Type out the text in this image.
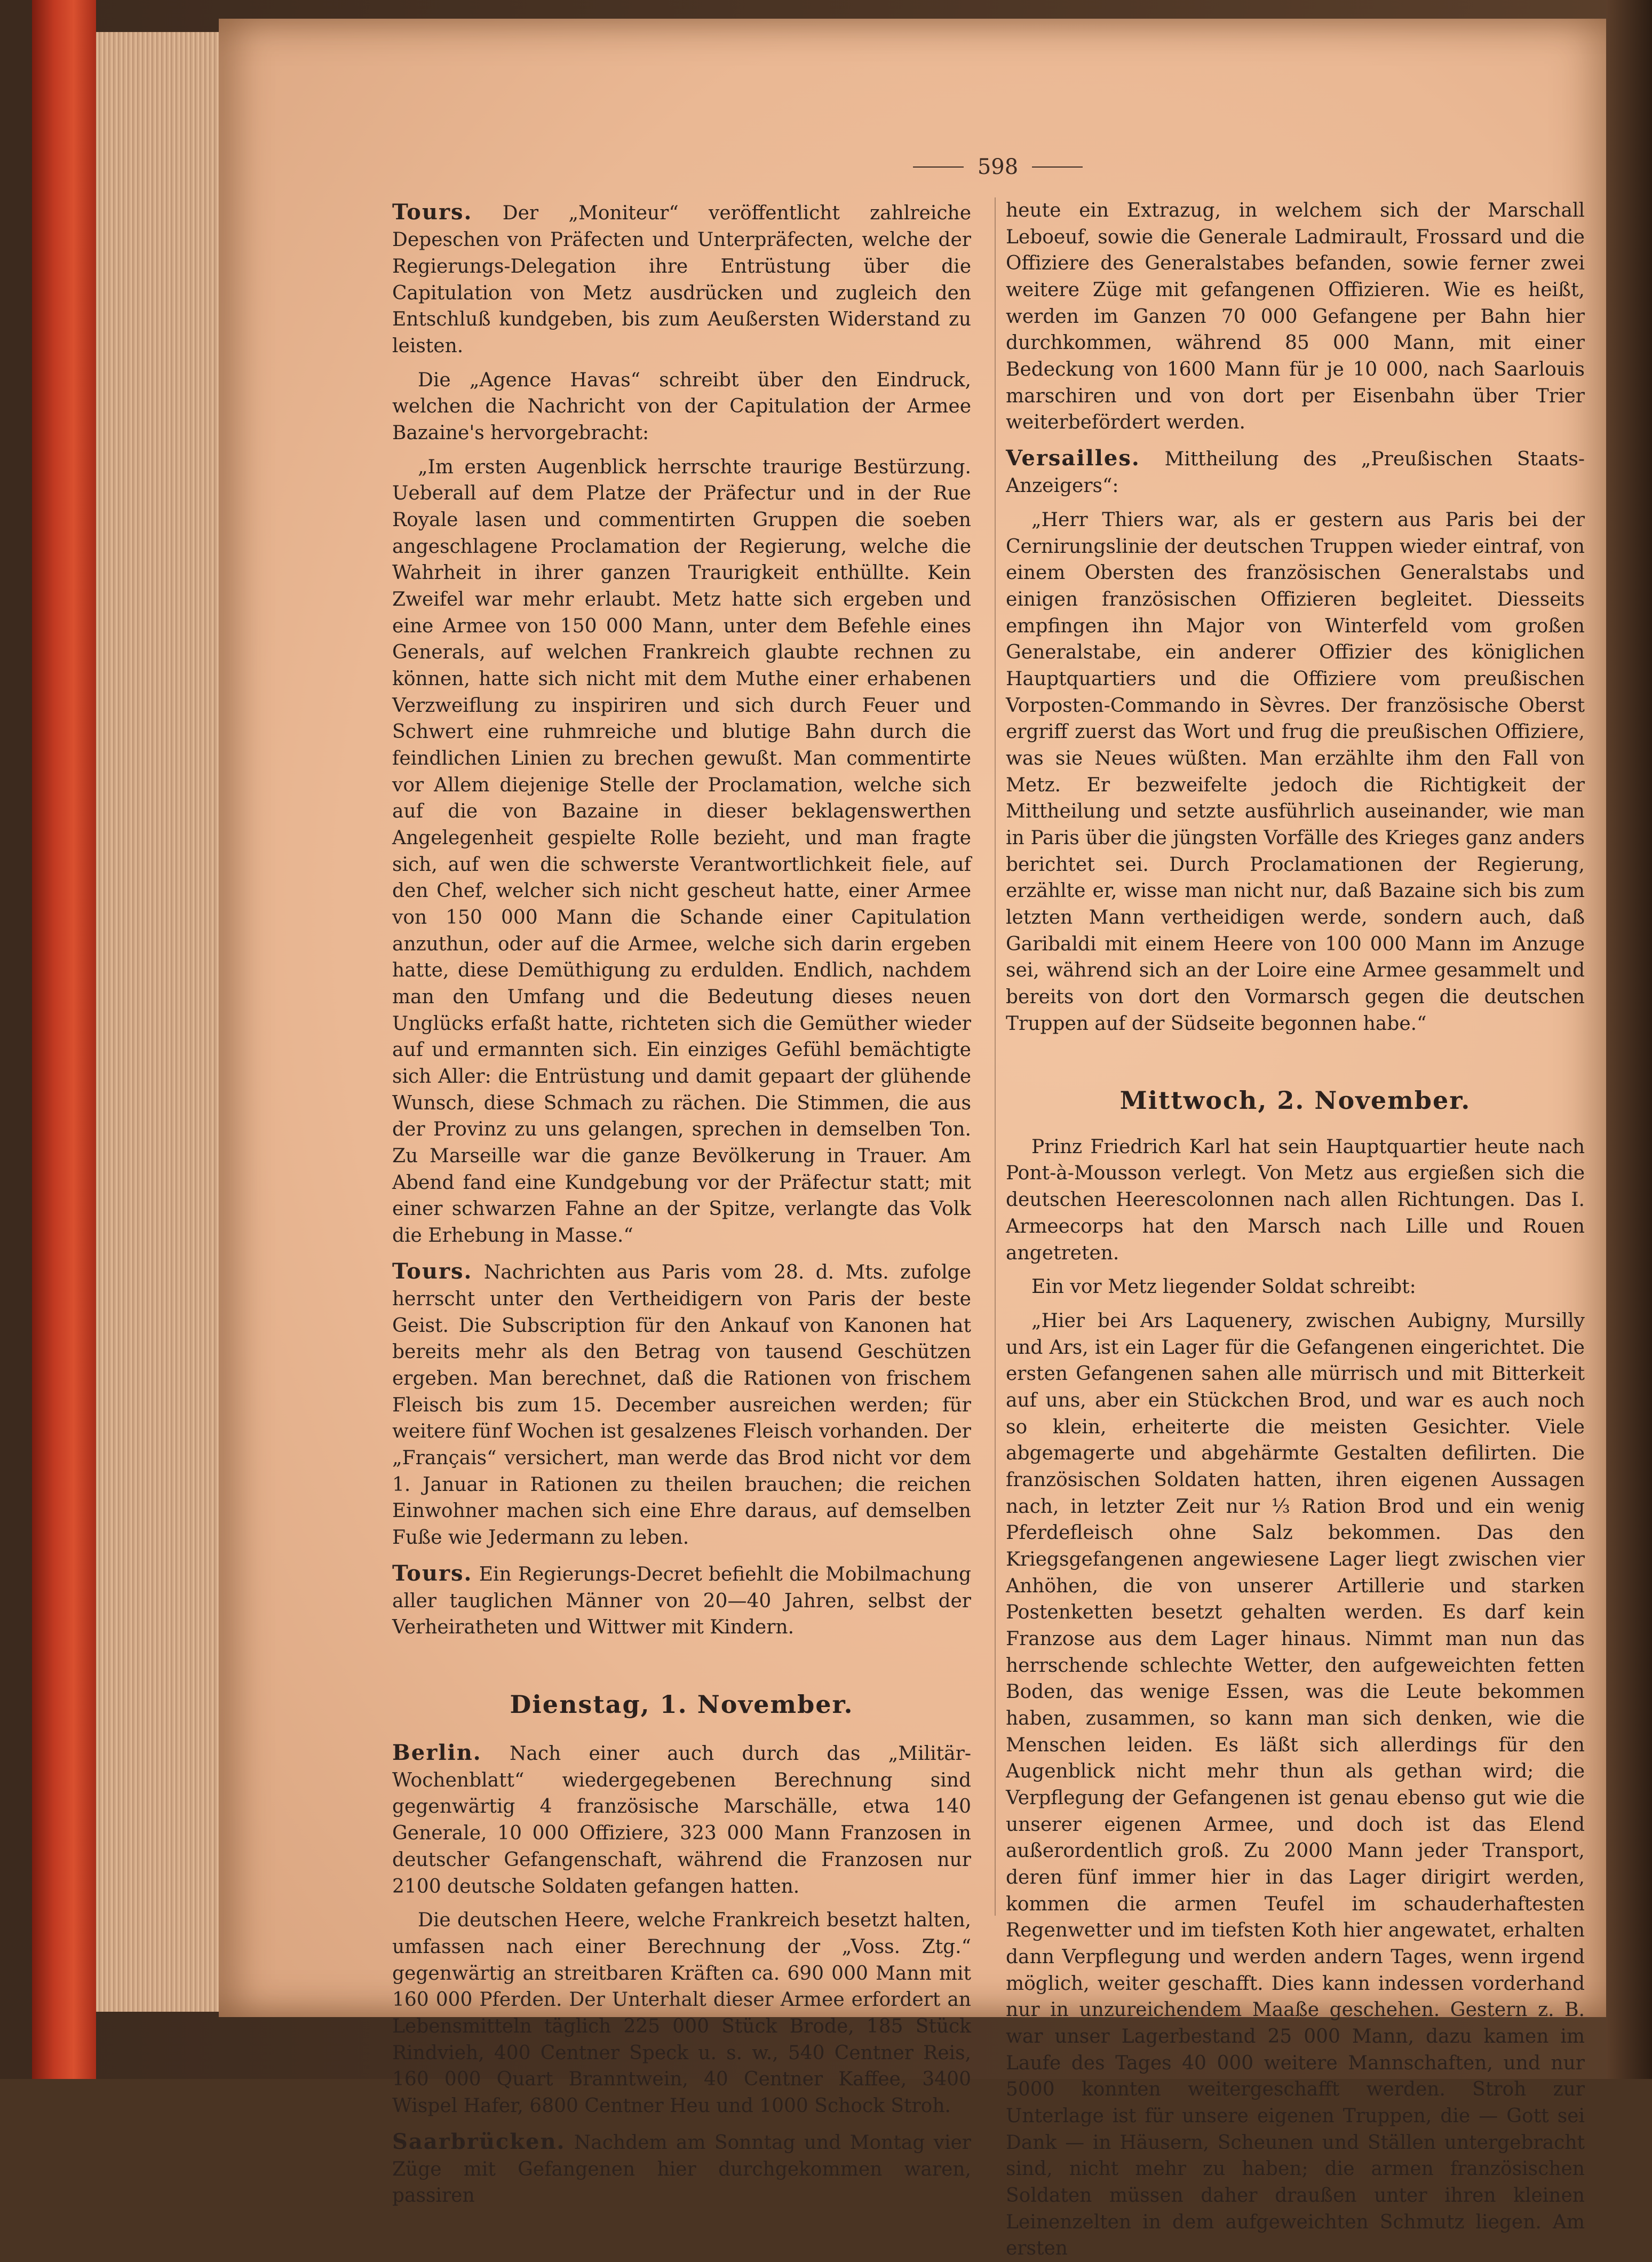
598

Tours. Der „Moniteur“ veröffentlicht zahlreiche Depeschen von Präfecten und Unterpräfecten, welche der Regierungs-Delegation ihre Entrüstung über die Capitulation von Metz ausdrücken und zugleich den Entschluß kundgeben, bis zum Aeußersten Widerstand zu leisten.

Die „Agence Havas“ schreibt über den Eindruck, welchen die Nachricht von der Capitulation der Armee Bazaine's hervorgebracht:

„Im ersten Augenblick herrschte traurige Bestürzung. Ueberall auf dem Platze der Präfectur und in der Rue Royale lasen und commentirten Gruppen die soeben angeschlagene Proclamation der Regierung, welche die Wahrheit in ihrer ganzen Traurigkeit enthüllte. Kein Zweifel war mehr erlaubt. Metz hatte sich ergeben und eine Armee von 150 000 Mann, unter dem Befehle eines Generals, auf welchen Frankreich glaubte rechnen zu können, hatte sich nicht mit dem Muthe einer erhabenen Verzweiflung zu inspiriren und sich durch Feuer und Schwert eine ruhmreiche und blutige Bahn durch die feindlichen Linien zu brechen gewußt. Man commentirte vor Allem diejenige Stelle der Proclamation, welche sich auf die von Bazaine in dieser beklagenswerthen Angelegenheit gespielte Rolle bezieht, und man fragte sich, auf wen die schwerste Verantwortlichkeit fiele, auf den Chef, welcher sich nicht gescheut hatte, einer Armee von 150 000 Mann die Schande einer Capitulation anzuthun, oder auf die Armee, welche sich darin ergeben hatte, diese Demüthigung zu erdulden. Endlich, nachdem man den Umfang und die Bedeutung dieses neuen Unglücks erfaßt hatte, richteten sich die Gemüther wieder auf und ermannten sich. Ein einziges Gefühl bemächtigte sich Aller: die Entrüstung und damit gepaart der glühende Wunsch, diese Schmach zu rächen. Die Stimmen, die aus der Provinz zu uns gelangen, sprechen in demselben Ton. Zu Marseille war die ganze Bevölkerung in Trauer. Am Abend fand eine Kundgebung vor der Präfectur statt; mit einer schwarzen Fahne an der Spitze, verlangte das Volk die Erhebung in Masse.“

Tours. Nachrichten aus Paris vom 28. d. Mts. zufolge herrscht unter den Vertheidigern von Paris der beste Geist. Die Subscription für den Ankauf von Kanonen hat bereits mehr als den Betrag von tausend Geschützen ergeben. Man berechnet, daß die Rationen von frischem Fleisch bis zum 15. December ausreichen werden; für weitere fünf Wochen ist gesalzenes Fleisch vorhanden. Der „Français“ versichert, man werde das Brod nicht vor dem 1. Januar in Rationen zu theilen brauchen; die reichen Einwohner machen sich eine Ehre daraus, auf demselben Fuße wie Jedermann zu leben.

Tours. Ein Regierungs-Decret befiehlt die Mobilmachung aller tauglichen Männer von 20—40 Jahren, selbst der Verheiratheten und Wittwer mit Kindern.

Dienstag, 1. November.

Berlin. Nach einer auch durch das „Militär-Wochenblatt“ wiedergegebenen Berechnung sind gegenwärtig 4 französische Marschälle, etwa 140 Generale, 10 000 Offiziere, 323 000 Mann Franzosen in deutscher Gefangenschaft, während die Franzosen nur 2100 deutsche Soldaten gefangen hatten.

Die deutschen Heere, welche Frankreich besetzt halten, umfassen nach einer Berechnung der „Voss. Ztg.“ gegenwärtig an streitbaren Kräften ca. 690 000 Mann mit 160 000 Pferden. Der Unterhalt dieser Armee erfordert an Lebensmitteln täglich 225 000 Stück Brode, 185 Stück Rindvieh, 400 Centner Speck u. s. w., 540 Centner Reis, 160 000 Quart Branntwein, 40 Centner Kaffee, 3400 Wispel Hafer, 6800 Centner Heu und 1000 Schock Stroh.

Saarbrücken. Nachdem am Sonntag und Montag vier Züge mit Gefangenen hier durchgekommen waren, passiren

heute ein Extrazug, in welchem sich der Marschall Leboeuf, sowie die Generale Ladmirault, Frossard und die Offiziere des Generalstabes befanden, sowie ferner zwei weitere Züge mit gefangenen Offizieren. Wie es heißt, werden im Ganzen 70 000 Gefangene per Bahn hier durchkommen, während 85 000 Mann, mit einer Bedeckung von 1600 Mann für je 10 000, nach Saarlouis marschiren und von dort per Eisenbahn über Trier weiterbefördert werden.

Versailles. Mittheilung des „Preußischen Staats-Anzeigers“:

„Herr Thiers war, als er gestern aus Paris bei der Cernirungslinie der deutschen Truppen wieder eintraf, von einem Obersten des französischen Generalstabs und einigen französischen Offizieren begleitet. Diesseits empfingen ihn Major von Winterfeld vom großen Generalstabe, ein anderer Offizier des königlichen Hauptquartiers und die Offiziere vom preußischen Vorposten-Commando in Sèvres. Der französische Oberst ergriff zuerst das Wort und frug die preußischen Offiziere, was sie Neues wüßten. Man erzählte ihm den Fall von Metz. Er bezweifelte jedoch die Richtigkeit der Mittheilung und setzte ausführlich auseinander, wie man in Paris über die jüngsten Vorfälle des Krieges ganz anders berichtet sei. Durch Proclamationen der Regierung, erzählte er, wisse man nicht nur, daß Bazaine sich bis zum letzten Mann vertheidigen werde, sondern auch, daß Garibaldi mit einem Heere von 100 000 Mann im Anzuge sei, während sich an der Loire eine Armee gesammelt und bereits von dort den Vormarsch gegen die deutschen Truppen auf der Südseite begonnen habe.“

Mittwoch, 2. November.

Prinz Friedrich Karl hat sein Hauptquartier heute nach Pont-à-Mousson verlegt. Von Metz aus ergießen sich die deutschen Heerescolonnen nach allen Richtungen. Das I. Armeecorps hat den Marsch nach Lille und Rouen angetreten.

Ein vor Metz liegender Soldat schreibt:

„Hier bei Ars Laquenery, zwischen Aubigny, Mursilly und Ars, ist ein Lager für die Gefangenen eingerichtet. Die ersten Gefangenen sahen alle mürrisch und mit Bitterkeit auf uns, aber ein Stückchen Brod, und war es auch noch so klein, erheiterte die meisten Gesichter. Viele abgemagerte und abgehärmte Gestalten defilirten. Die französischen Soldaten hatten, ihren eigenen Aussagen nach, in letzter Zeit nur ⅓ Ration Brod und ein wenig Pferdefleisch ohne Salz bekommen. Das den Kriegsgefangenen angewiesene Lager liegt zwischen vier Anhöhen, die von unserer Artillerie und starken Postenketten besetzt gehalten werden. Es darf kein Franzose aus dem Lager hinaus. Nimmt man nun das herrschende schlechte Wetter, den aufgeweichten fetten Boden, das wenige Essen, was die Leute bekommen haben, zusammen, so kann man sich denken, wie die Menschen leiden. Es läßt sich allerdings für den Augenblick nicht mehr thun als gethan wird; die Verpflegung der Gefangenen ist genau ebenso gut wie die unserer eigenen Armee, und doch ist das Elend außerordentlich groß. Zu 2000 Mann jeder Transport, deren fünf immer hier in das Lager dirigirt werden, kommen die armen Teufel im schauderhaftesten Regenwetter und im tiefsten Koth hier angewatet, erhalten dann Verpflegung und werden andern Tages, wenn irgend möglich, weiter geschafft. Dies kann indessen vorderhand nur in unzureichendem Maaße geschehen. Gestern z. B. war unser Lagerbestand 25 000 Mann, dazu kamen im Laufe des Tages 40 000 weitere Mannschaften, und nur 5000 konnten weitergeschafft werden. Stroh zur Unterlage ist für unsere eigenen Truppen, die — Gott sei Dank — in Häusern, Scheunen und Ställen untergebracht sind, nicht mehr zu haben; die armen französischen Soldaten müssen daher draußen unter ihren kleinen Leinenzelten in dem aufgeweichten Schmutz liegen. Am ersten
